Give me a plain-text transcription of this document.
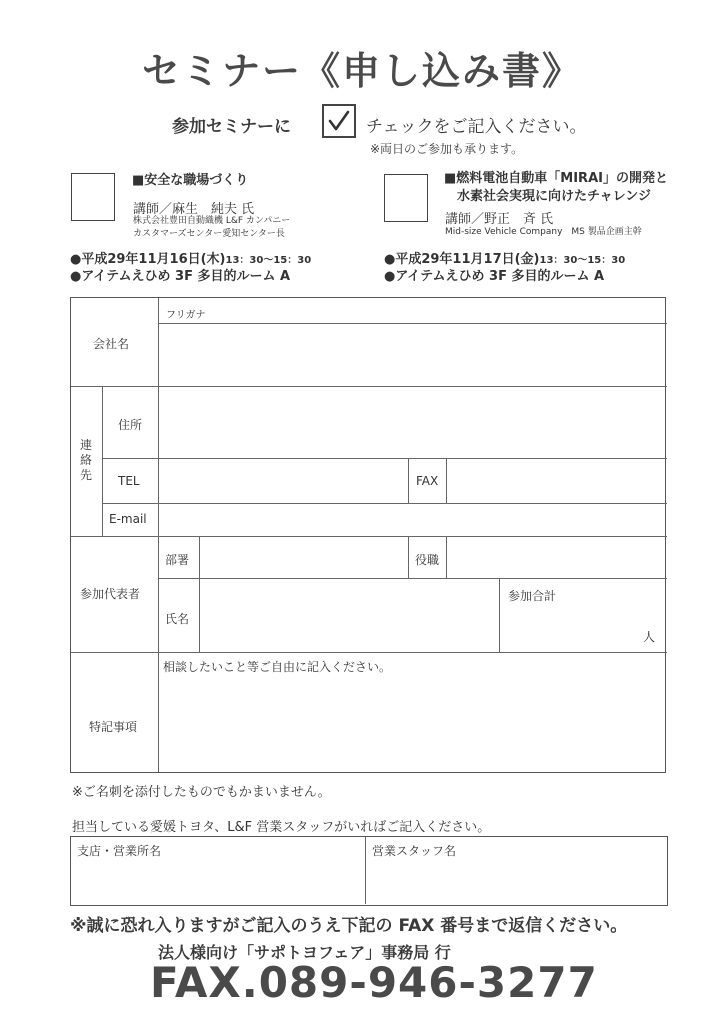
セミナー《申し込み書》
参加セミナーに	チェックをご記入ください。
※両日のご参加も承ります。
■安全な職場づくり
講師／麻生　純夫 氏
株式会社豊田自動織機 L&F カンパニー
カスタマーズセンター愛知センター長
●平成29年11月16日(木)13：30〜15：30
●アイテムえひめ 3F 多目的ルーム A
■燃料電池自動車「MIRAI」の開発と
　水素社会実現に向けたチャレンジ
講師／野正　斉 氏
Mid-size Vehicle Company　MS 製品企画主幹
●平成29年11月17日(金)13：30〜15：30
●アイテムえひめ 3F 多目的ルーム A
フリガナ
会社名
連絡先
住所
TEL	FAX
E-mail
参加代表者
部署	役職
氏名
参加合計
人
特記事項
相談したいこと等ご自由に記入ください。
※ご名刺を添付したものでもかまいません。
担当している愛媛トヨタ、L&F 営業スタッフがいればご記入ください。
支店・営業所名	営業スタッフ名
※誠に恐れ入りますがご記入のうえ下記の FAX 番号まで返信ください。
法人様向け「サポトヨフェア」事務局 行
FAX.089-946-3277
